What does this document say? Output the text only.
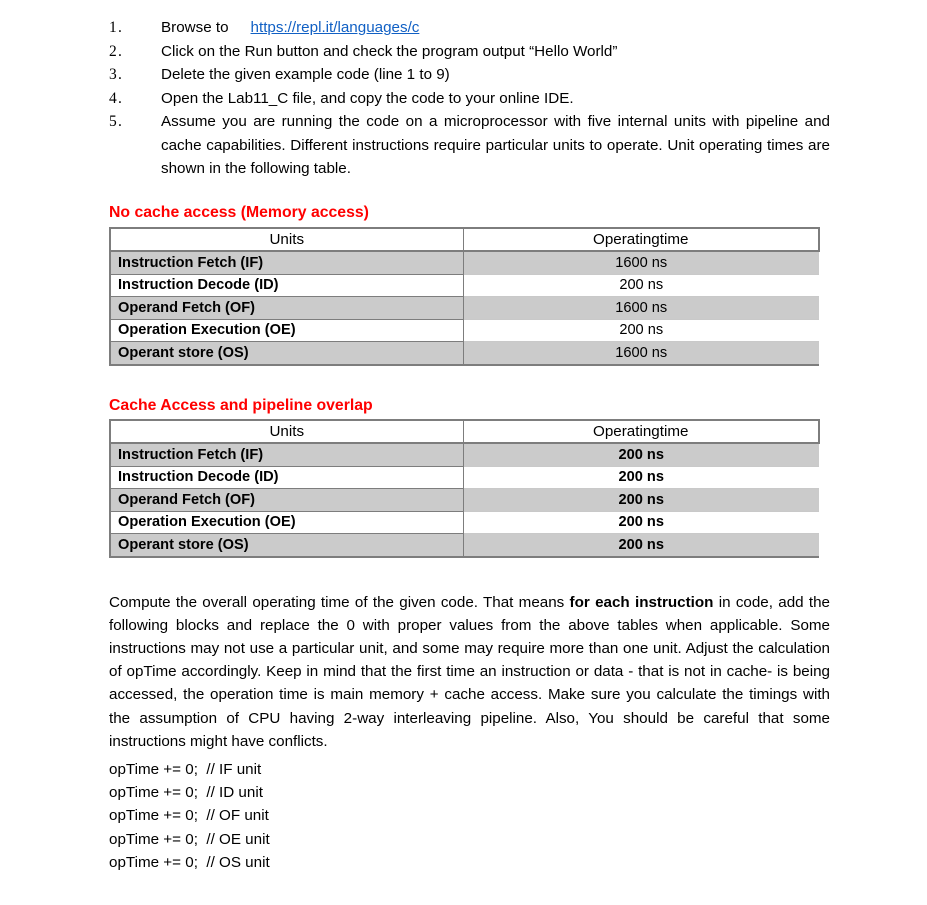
1.	Browse to https://repl.it/languages/c
2.	Click on the Run button and check the program output “Hello World”
3.	Delete the given example code (line 1 to 9)
4.	Open the Lab11_C file, and copy the code to your online IDE.
5.	Assume you are running the code on a microprocessor with five internal units with pipeline and cache capabilities. Different instructions require particular units to operate. Unit operating times are shown in the following table.
No cache access (Memory access)
Units	Operatingtime
Instruction Fetch (IF)	1600 ns
Instruction Decode (ID)	200 ns
Operand Fetch (OF)	1600 ns
Operation Execution (OE)	200 ns
Operant store (OS)	1600 ns
Cache Access and pipeline overlap
Units	Operatingtime
Instruction Fetch (IF)	200 ns
Instruction Decode (ID)	200 ns
Operand Fetch (OF)	200 ns
Operation Execution (OE)	200 ns
Operant store (OS)	200 ns

Compute the overall operating time of the given code. That means for each instruction in code, add the following blocks and replace the 0 with proper values from the above tables when applicable. Some instructions may not use a particular unit, and some may require more than one unit. Adjust the calculation of opTime accordingly. Keep in mind that the first time an instruction or data - that is not in cache- is being accessed, the operation time is main memory + cache access. Make sure you calculate the timings with the assumption of CPU having 2-way interleaving pipeline. Also, You should be careful that some instructions might have conflicts.

opTime += 0;  // IF unit
opTime += 0;  // ID unit
opTime += 0;  // OF unit
opTime += 0;  // OE unit
opTime += 0;  // OS unit
